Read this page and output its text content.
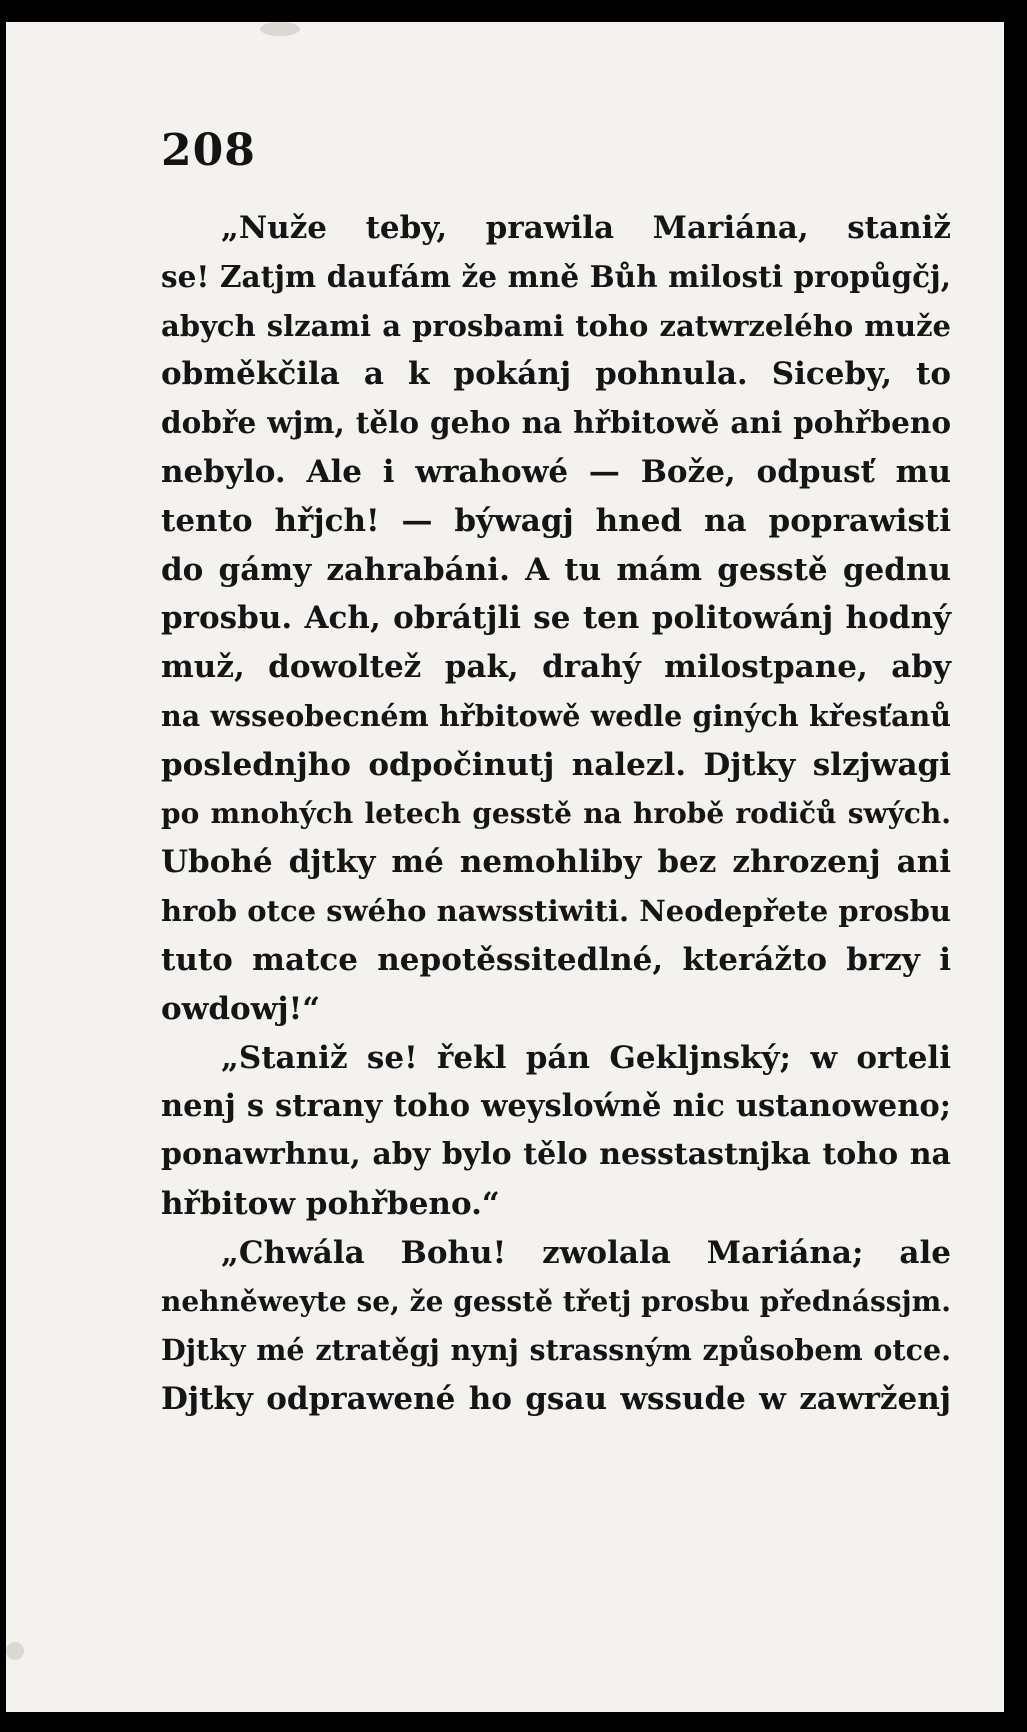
208
„Nuže teby, prawila Mariána, staniž
se! Zatjm daufám že mně Bůh milosti propůgčj,
abych slzami a prosbami toho zatwrzelého muže
obměkčila a k pokánj pohnula. Siceby, to
dobře wjm, tělo geho na hřbitowě ani pohřbeno
nebylo. Ale i wrahowé — Bože, odpusť mu
tento hřjch! — býwagj hned na poprawisti
do gámy zahrabáni. A tu mám gesstě gednu
prosbu. Ach, obrátjli se ten politowánj hodný
muž, dowoltež pak, drahý milostpane, aby
na wsseobecném hřbitowě wedle giných křesťanů
poslednjho odpočinutj nalezl. Djtky slzjwagi
po mnohých letech gesstě na hrobě rodičů swých.
Ubohé djtky mé nemohliby bez zhrozenj ani
hrob otce swého nawsstiwiti. Neodepřete prosbu
tuto matce nepotěssitedlné, kterážto brzy i
owdowj!“
„Staniž se! řekl pán Gekljnský; w orteli
nenj s strany toho weysloẃně nic ustanoweno;
ponawrhnu, aby bylo tělo nesstastnjka toho na
hřbitow pohřbeno.“
„Chwála Bohu! zwolala Mariána; ale
nehněweyte se, že gesstě třetj prosbu přednássjm.
Djtky mé ztratěgj nynj strassným způsobem otce.
Djtky odprawené ho gsau wssude w zawrženj
